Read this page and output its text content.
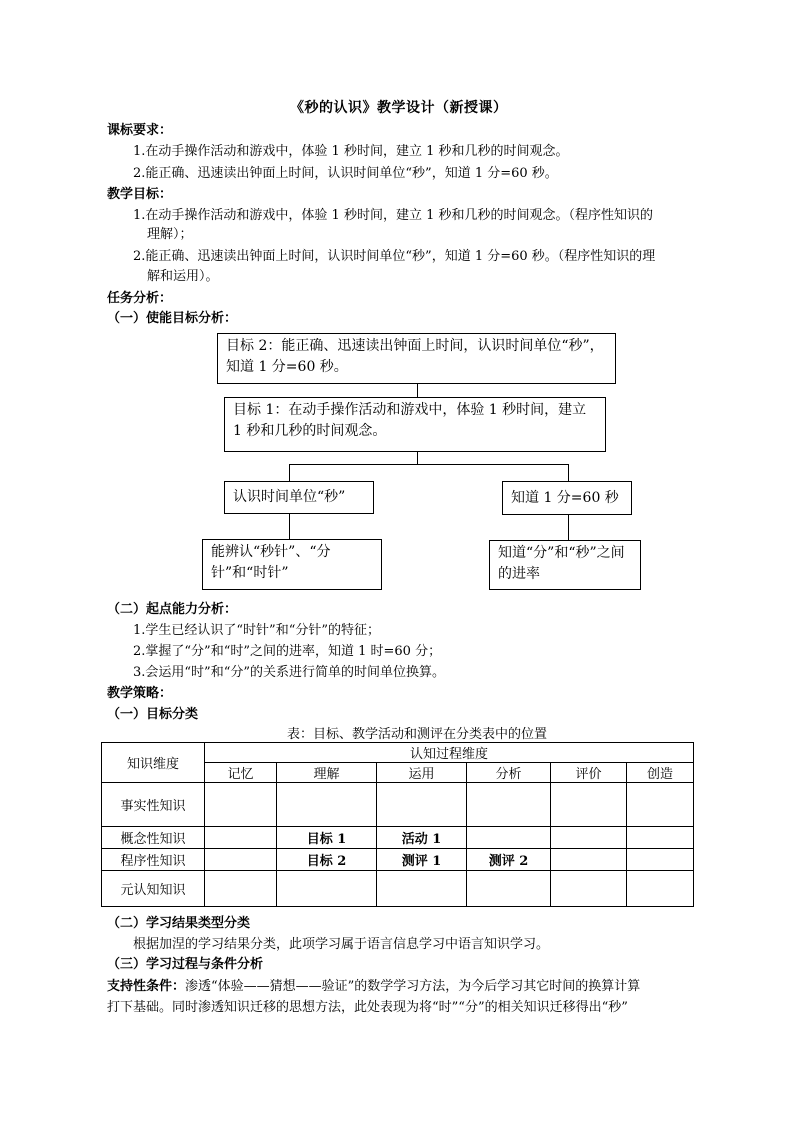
《秒的认识》教学设计（新授课）
课标要求：
1.在动手操作活动和游戏中，体验 1 秒时间，建立 1 秒和几秒的时间观念。
2.能正确、迅速读出钟面上时间，认识时间单位“秒”，知道 1 分=60 秒。
教学目标：
1.在动手操作活动和游戏中，体验 1 秒时间，建立 1 秒和几秒的时间观念。（程序性知识的
理解）；
2.能正确、迅速读出钟面上时间，认识时间单位“秒”，知道 1 分=60 秒。（程序性知识的理
解和运用）。
任务分析：
（一）使能目标分析：
目标 2：能正确、迅速读出钟面上时间，认识时间单位“秒”，知道 1 分=60 秒。
目标 1：在动手操作活动和游戏中，体验 1 秒时间，建立 1 秒和几秒的时间观念。
认识时间单位“秒”	知道 1 分=60 秒
能辨认“秒针”、“分针”和“时针”
知道“分”和“秒”之间的进率
（二）起点能力分析：
1.学生已经认识了“时针”和“分针”的特征；
2.掌握了“分”和“时”之间的进率，知道 1 时=60 分；
3.会运用“时”和“分”的关系进行简单的时间单位换算。
教学策略：
（一）目标分类
表：目标、教学活动和测评在分类表中的位置
知识维度	认知过程维度					
	记忆	理解	运用	分析	评价	创造
事实性知识						
概念性知识		目标 1	活动 1			
程序性知识		目标 2	测评 1	测评 2		
元认知知识						
（二）学习结果类型分类
根据加涅的学习结果分类，此项学习属于语言信息学习中语言知识学习。
（三）学习过程与条件分析
支持性条件：渗透“体验——猜想——验证”的数学学习方法，为今后学习其它时间的换算计算
打下基础。同时渗透知识迁移的思想方法，此处表现为将“时”“分”的相关知识迁移得出“秒”
